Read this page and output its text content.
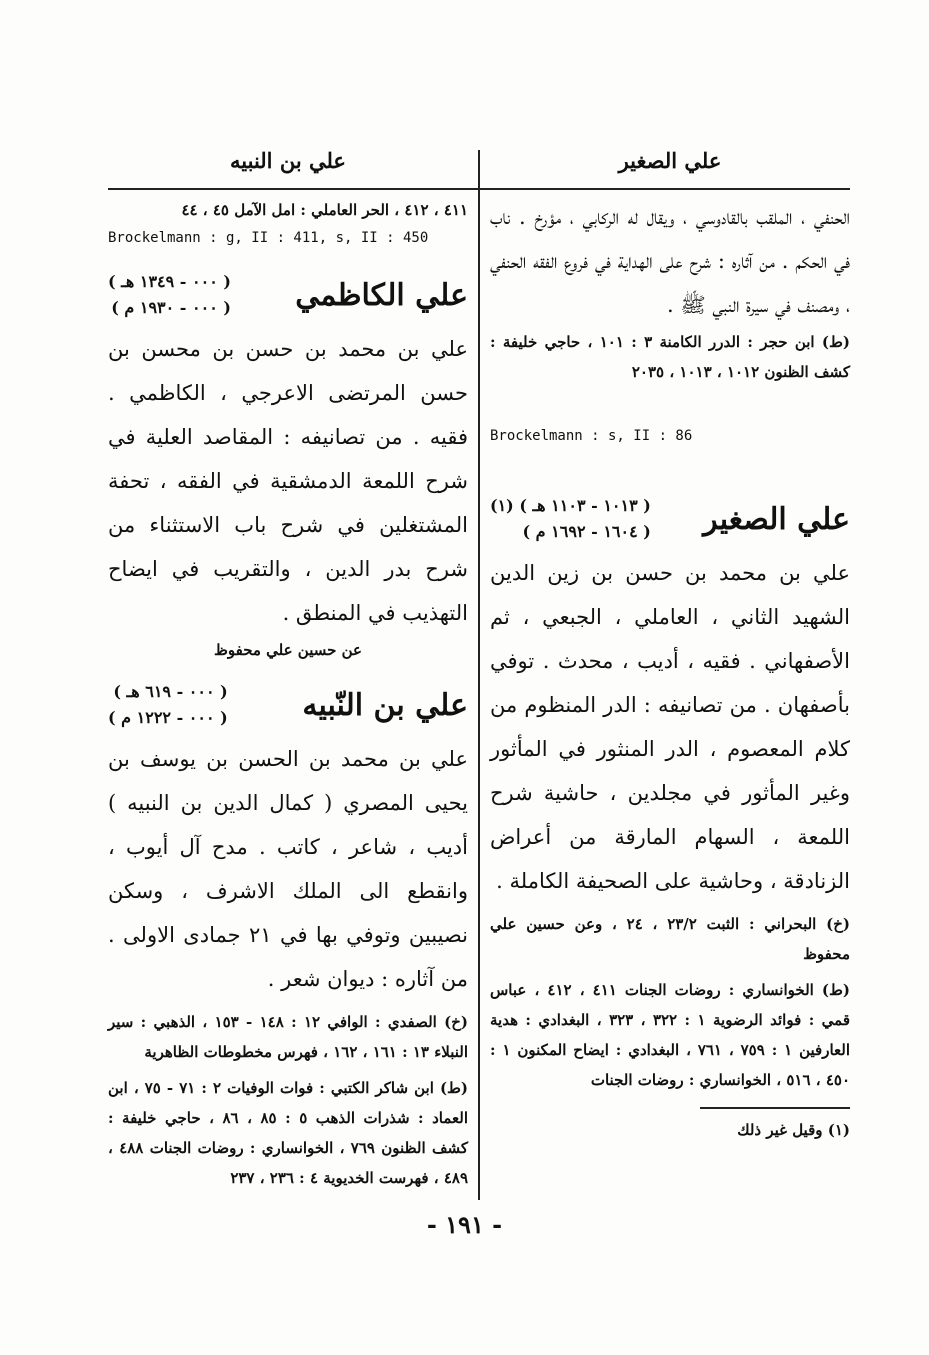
علي الصغير
علي بن النبيه

الحنفي ، الملقب بالقادوسي ، ويقال له الركابي ، مؤرخ . ناب في الحكم . من آثاره : شرح على الهداية في فروع الفقه الحنفي ، ومصنف في سيرة النبي ﷺ .

(ط) ابن حجر : الدرر الكامنة ٣ : ١٠١ ، حاجي خليفة : كشف الظنون ١٠١٢ ، ١٠١٣ ، ٢٠٣٥

Brockelmann : s, II : 86

علي الصغير
( ١٠١٣ - ١١٠٣ هـ ) (١)
( ١٦٠٤ - ١٦٩٢ م )

علي بن محمد بن حسن بن زين الدين الشهيد الثاني ، العاملي ، الجبعي ، ثم الأصفهاني . فقيه ، أديب ، محدث . توفي بأصفهان . من تصانيفه : الدر المنظوم من كلام المعصوم ، الدر المنثور في المأثور وغير المأثور في مجلدين ، حاشية شرح اللمعة ، السهام المارقة من أعراض الزنادقة ، وحاشية على الصحيفة الكاملة .

(خ) البحراني : الثبت ٢٣/٢ ، ٢٤ ، وعن حسين علي محفوظ

(ط) الخوانساري : روضات الجنات ٤١١ ، ٤١٢ ، عباس قمي : فوائد الرضوية ١ : ٣٢٢ ، ٣٢٣ ، البغدادي : هدية العارفين ١ : ٧٥٩ ، ٧٦١ ، البغدادي : ايضاح المكنون ١ : ٤٥٠ ، ٥١٦ ، الخوانساري : روضات الجنات

(١) وقيل غير ذلك

٤١١ ، ٤١٢ ، الحر العاملي : امل الآمل ٤٥ ، ٤٤

Brockelmann : g, II : 411, s, II : 450

علي الكاظمي
( ٠٠٠ - ١٣٤٩ هـ )
( ٠٠٠ - ١٩٣٠ م )

علي بن محمد بن حسن بن محسن بن حسن المرتضى الاعرجي ، الكاظمي . فقيه . من تصانيفه : المقاصد العلية في شرح اللمعة الدمشقية في الفقه ، تحفة المشتغلين في شرح باب الاستثناء من شرح بدر الدين ، والتقريب في ايضاح التهذيب في المنطق .

عن حسين علي محفوظ

علي بن النّبيه
( ٠٠٠ - ٦١٩ هـ )
( ٠٠٠ - ١٢٢٢ م )

علي بن محمد بن الحسن بن يوسف بن يحيى المصري ( كمال الدين بن النبيه ) أديب ، شاعر ، كاتب . مدح آل أيوب ، وانقطع الى الملك الاشرف ، وسكن نصيبين وتوفي بها في ٢١ جمادى الاولى . من آثاره : ديوان شعر .

(خ) الصفدي : الوافي ١٢ : ١٤٨ - ١٥٣ ، الذهبي : سير النبلاء ١٣ : ١٦١ ، ١٦٢ ، فهرس مخطوطات الظاهرية

(ط) ابن شاكر الكتبي : فوات الوفيات ٢ : ٧١ - ٧٥ ، ابن العماد : شذرات الذهب ٥ : ٨٥ ، ٨٦ ، حاجي خليفة : كشف الظنون ٧٦٩ ، الخوانساري : روضات الجنات ٤٨٨ ، ٤٨٩ ، فهرست الخديوية ٤ : ٢٣٦ ، ٢٣٧

- ١٩١ -
